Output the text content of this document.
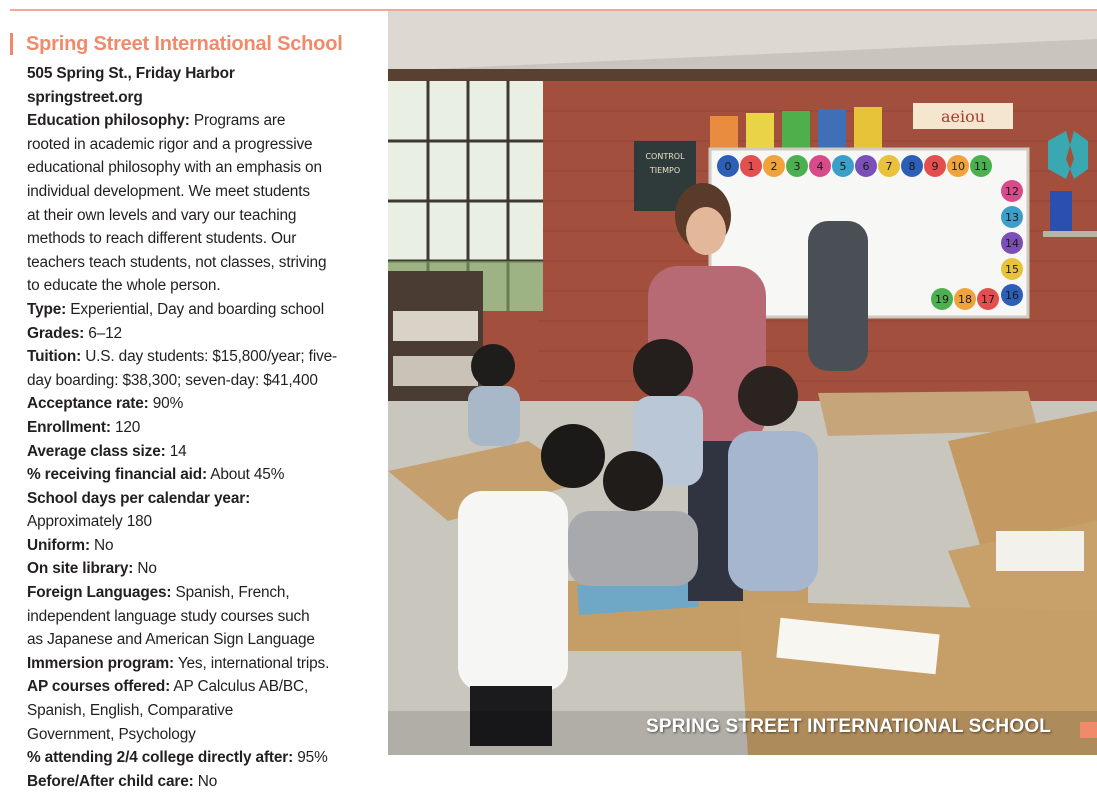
Spring Street International School
505 Spring St., Friday Harbor
springstreet.org
Education philosophy: Programs are
rooted in academic rigor and a progressive
educational philosophy with an emphasis on
individual development. We meet students
at their own levels and vary our teaching
methods to reach different students. Our
teachers teach students, not classes, striving
to educate the whole person.
Type: Experiential, Day and boarding school
Grades: 6–12
Tuition: U.S. day students: $15,800/year; five-
day boarding: $38,300; seven-day: $41,400
Acceptance rate: 90%
Enrollment: 120
Average class size: 14
% receiving financial aid: About 45%
School days per calendar year:
Approximately 180
Uniform: No
On site library: No
Foreign Languages: Spanish, French,
independent language study courses such
as Japanese and American Sign Language
Immersion program: Yes, international trips.
AP courses offered: AP Calculus AB/BC,
Spanish, English, Comparative
Government, Psychology
% attending 2/4 college directly after: 95%
Before/After child care: No
CONTROL
TIEMPO
aeiou
0 1 2 3 4 5 6 7 8 9 10 11
12
13
14
15
16
17
18
19
SPRING STREET INTERNATIONAL SCHOOL
